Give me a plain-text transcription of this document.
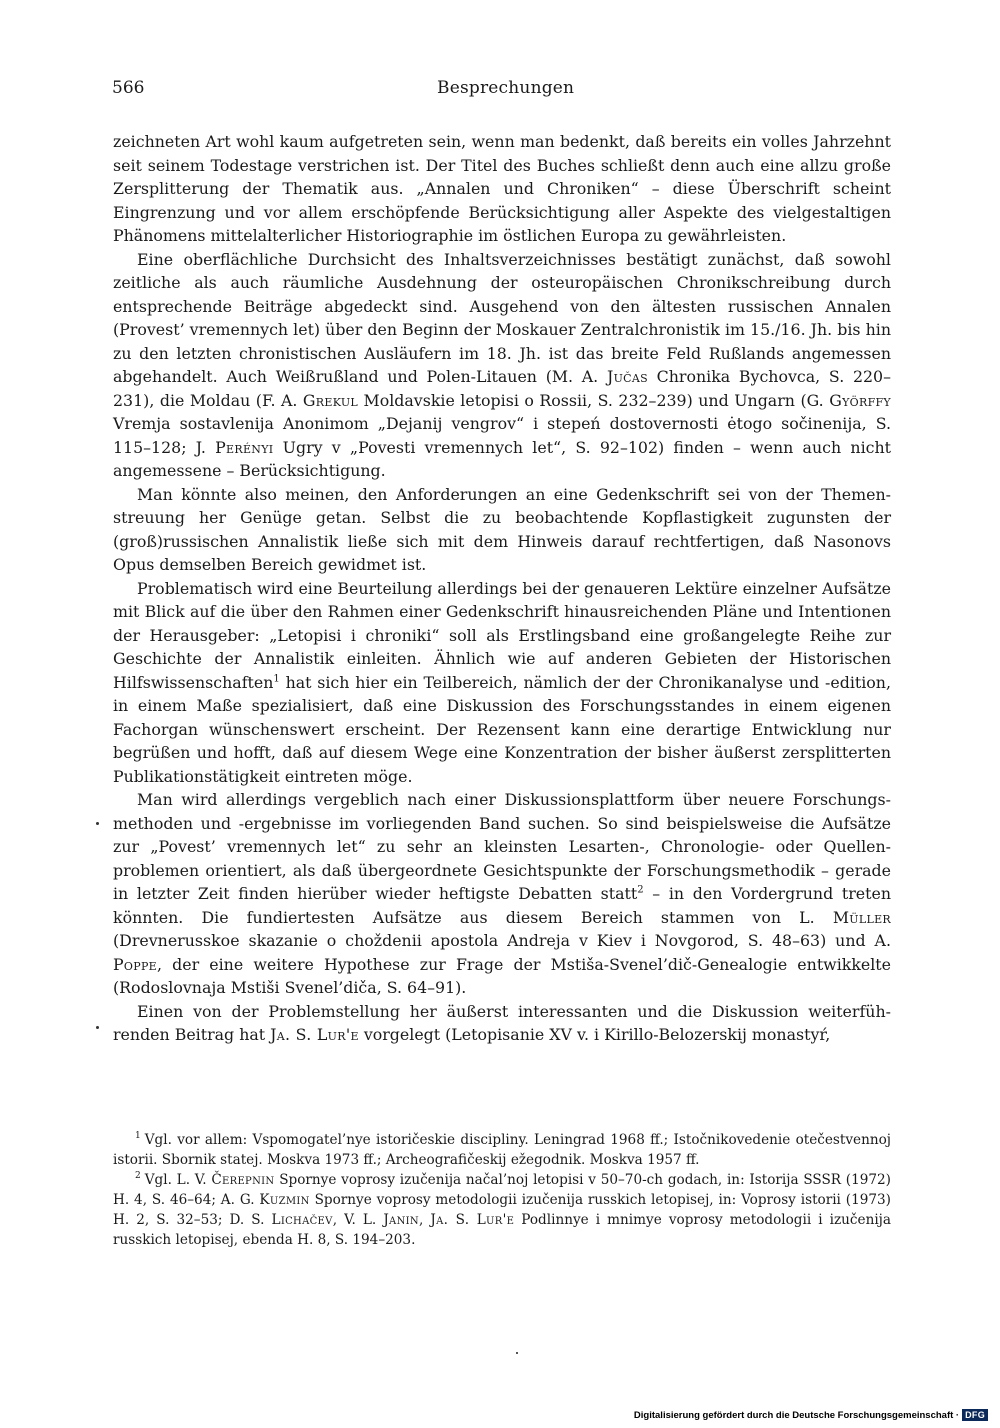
566	Besprechungen

zeichneten Art wohl kaum aufgetreten sein, wenn man bedenkt, daß bereits ein volles Jahrzehnt seit seinem Todestage verstrichen ist. Der Titel des Buches schließt denn auch eine allzu große Zersplitterung der Thematik aus. „Annalen und Chroniken“ – diese Überschrift scheint Eingrenzung und vor allem erschöpfende Berücksichtigung aller Aspekte des vielgestaltigen Phänomens mittelalterlicher Historiographie im östlichen Europa zu gewährleisten.

Eine oberflächliche Durchsicht des Inhaltsverzeichnisses bestätigt zunächst, daß sowohl zeitliche als auch räumliche Ausdehnung der osteuropäischen Chronikschreibung durch entsprechende Beiträge abgedeckt sind. Ausgehend von den ältesten russischen Annalen (Provest’ vremennych let) über den Beginn der Moskauer Zentralchronistik im 15./16. Jh. bis hin zu den letzten chronistischen Ausläufern im 18. Jh. ist das breite Feld Rußlands angemessen abgehandelt. Auch Weißrußland und Polen-Litauen (M. A. Jučas Chronika Bychovca, S. 220–231), die Moldau (F. A. Grekul Moldavskie letopisi o Rossii, S. 232–239) und Ungarn (G. Györffy Vremja sostavlenija Anonimom „Dejanij vengrov“ i stepeń dostovernosti ėtogo sočinenija, S. 115–128; J. Perényi Ugry v „Povesti vremennych let“, S. 92–102) finden – wenn auch nicht angemessene – Berücksichtigung.

Man könnte also meinen, den Anforderungen an eine Gedenkschrift sei von der Themenstreuung her Genüge getan. Selbst die zu beobachtende Kopflastigkeit zugunsten der (groß)russischen Annalistik ließe sich mit dem Hinweis darauf rechtfertigen, daß Nasonovs Opus demselben Bereich gewidmet ist.

Problematisch wird eine Beurteilung allerdings bei der genaueren Lektüre einzelner Aufsätze mit Blick auf die über den Rahmen einer Gedenkschrift hinausreichenden Pläne und Intentionen der Herausgeber: „Letopisi i chroniki“ soll als Erstlingsband eine großangelegte Reihe zur Geschichte der Annalistik einleiten. Ähnlich wie auf anderen Gebieten der Historischen Hilfswissenschaften$^1$ hat sich hier ein Teilbereich, nämlich der der Chronikanalyse und -edition, in einem Maße spezialisiert, daß eine Diskussion des Forschungsstandes in einem eigenen Fachorgan wünschenswert erscheint. Der Rezensent kann eine derartige Entwicklung nur begrüßen und hofft, daß auf diesem Wege eine Konzentration der bisher äußerst zersplitterten Publikationstätigkeit eintreten möge.

Man wird allerdings vergeblich nach einer Diskussionsplattform über neuere Forschungsmethoden und -ergebnisse im vorliegenden Band suchen. So sind beispielsweise die Aufsätze zur „Povest’ vremennych let“ zu sehr an kleinsten Lesarten-, Chronologie- oder Quellenproblemen orientiert, als daß übergeordnete Gesichtspunkte der Forschungsmethodik – gerade in letzter Zeit finden hierüber wieder heftigste Debatten statt$^2$ – in den Vordergrund treten könnten. Die fundiertesten Aufsätze aus diesem Bereich stammen von L. Müller (Drevnerusskoe skazanie o choždenii apostola Andreja v Kiev i Novgorod, S. 48–63) und A. Poppe, der eine weitere Hypothese zur Frage der Mstiša-Svenel’dič-Genealogie entwikkelte (Rodoslovnaja Mstiši Svenel’diča, S. 64–91).

Einen von der Problemstellung her äußerst interessanten und die Diskussion weiterführenden Beitrag hat Ja. S. Lur'e vorgelegt (Letopisanie XV v. i Kirillo-Belozerskij monastyŕ,

$^1$ Vgl. vor allem: Vspomogatel’nye istoričeskie discipliny. Leningrad 1968 ff.; Istočnikovedenie otečestvennoj istorii. Sbornik statej. Moskva 1973 ff.; Archeografičeskij ežegodnik. Moskva 1957 ff.

$^2$ Vgl. L. V. Čerepnin Spornye voprosy izučenija načal’noj letopisi v 50–70-ch godach, in: Istorija SSSR (1972) H. 4, S. 46–64; A. G. Kuzmin Spornye voprosy metodologii izučenija russkich letopisej, in: Voprosy istorii (1973) H. 2, S. 32–53; D. S. Lichačev, V. L. Janin, Ja. S. Lur'e Podlinnye i mnimye voprosy metodologii i izučenija russkich letopisej, ebenda H. 8, S. 194–203.

Digitalisierung gefördert durch die Deutsche Forschungsgemeinschaft · DFG
